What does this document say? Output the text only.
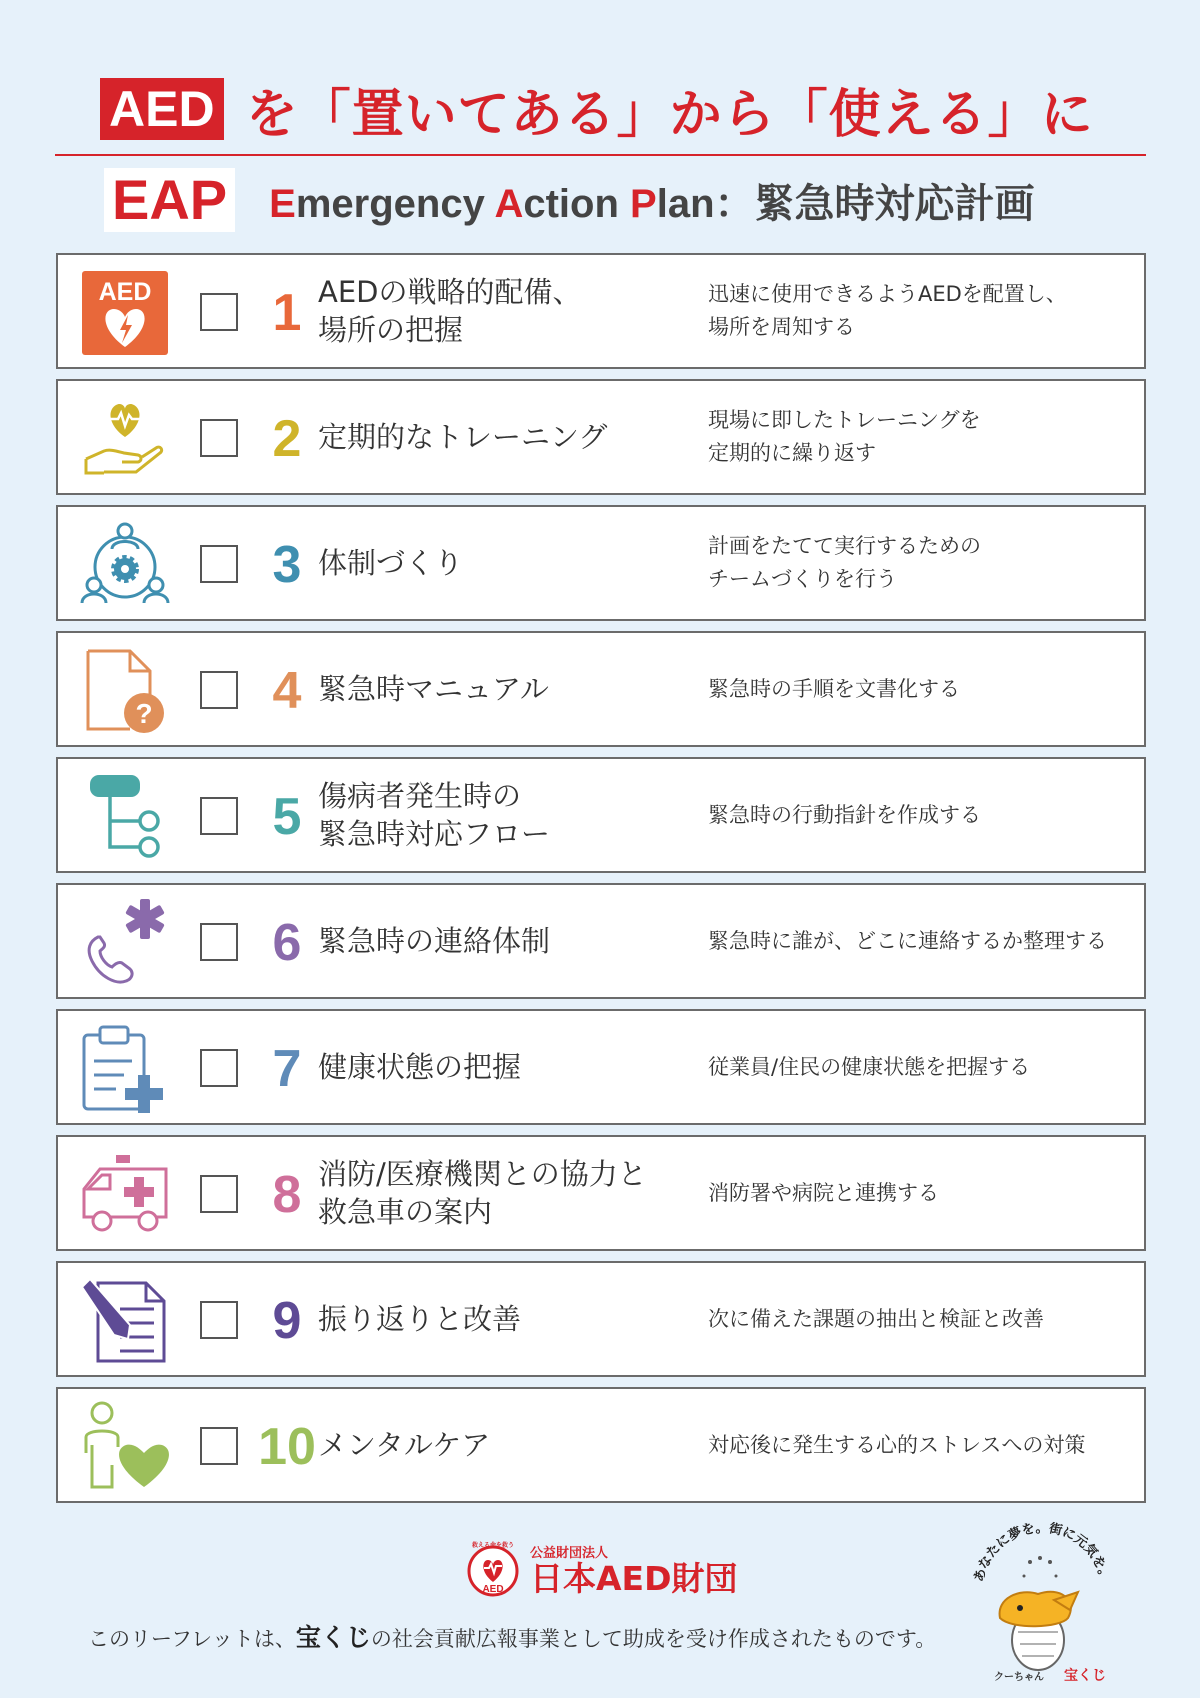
AED を「置いてある」から「使える」に
EAP Emergency Action Plan：緊急時対応計画
AED	1 AEDの戦略的配備、
場所の把握
迅速に使用できるようAEDを配置し、
場所を周知する
2 定期的なトレーニング	現場に即したトレーニングを
定期的に繰り返す
3 体制づくり	計画をたてて実行するための
チームづくりを行う
?	4 緊急時マニュアル	緊急時の手順を文書化する
5 傷病者発生時の
緊急時対応フロー
緊急時の行動指針を作成する
6 緊急時の連絡体制	緊急時に誰が、どこに連絡するか整理する
7 健康状態の把握	従業員/住民の健康状態を把握する
8 消防/医療機関との協力と
救急車の案内
消防署や病院と連携する
9 振り返りと改善	次に備えた課題の抽出と検証と改善
10 メンタルケア	対応後に発生する心的ストレスへの対策
AED
救える命を救う 公益財団法人
日本AED財団
このリーフレットは、宝くじの社会貢献広報事業として助成を受け作成されたものです。
あなたに夢を。街に元気を。
クーちゃん 宝くじ
